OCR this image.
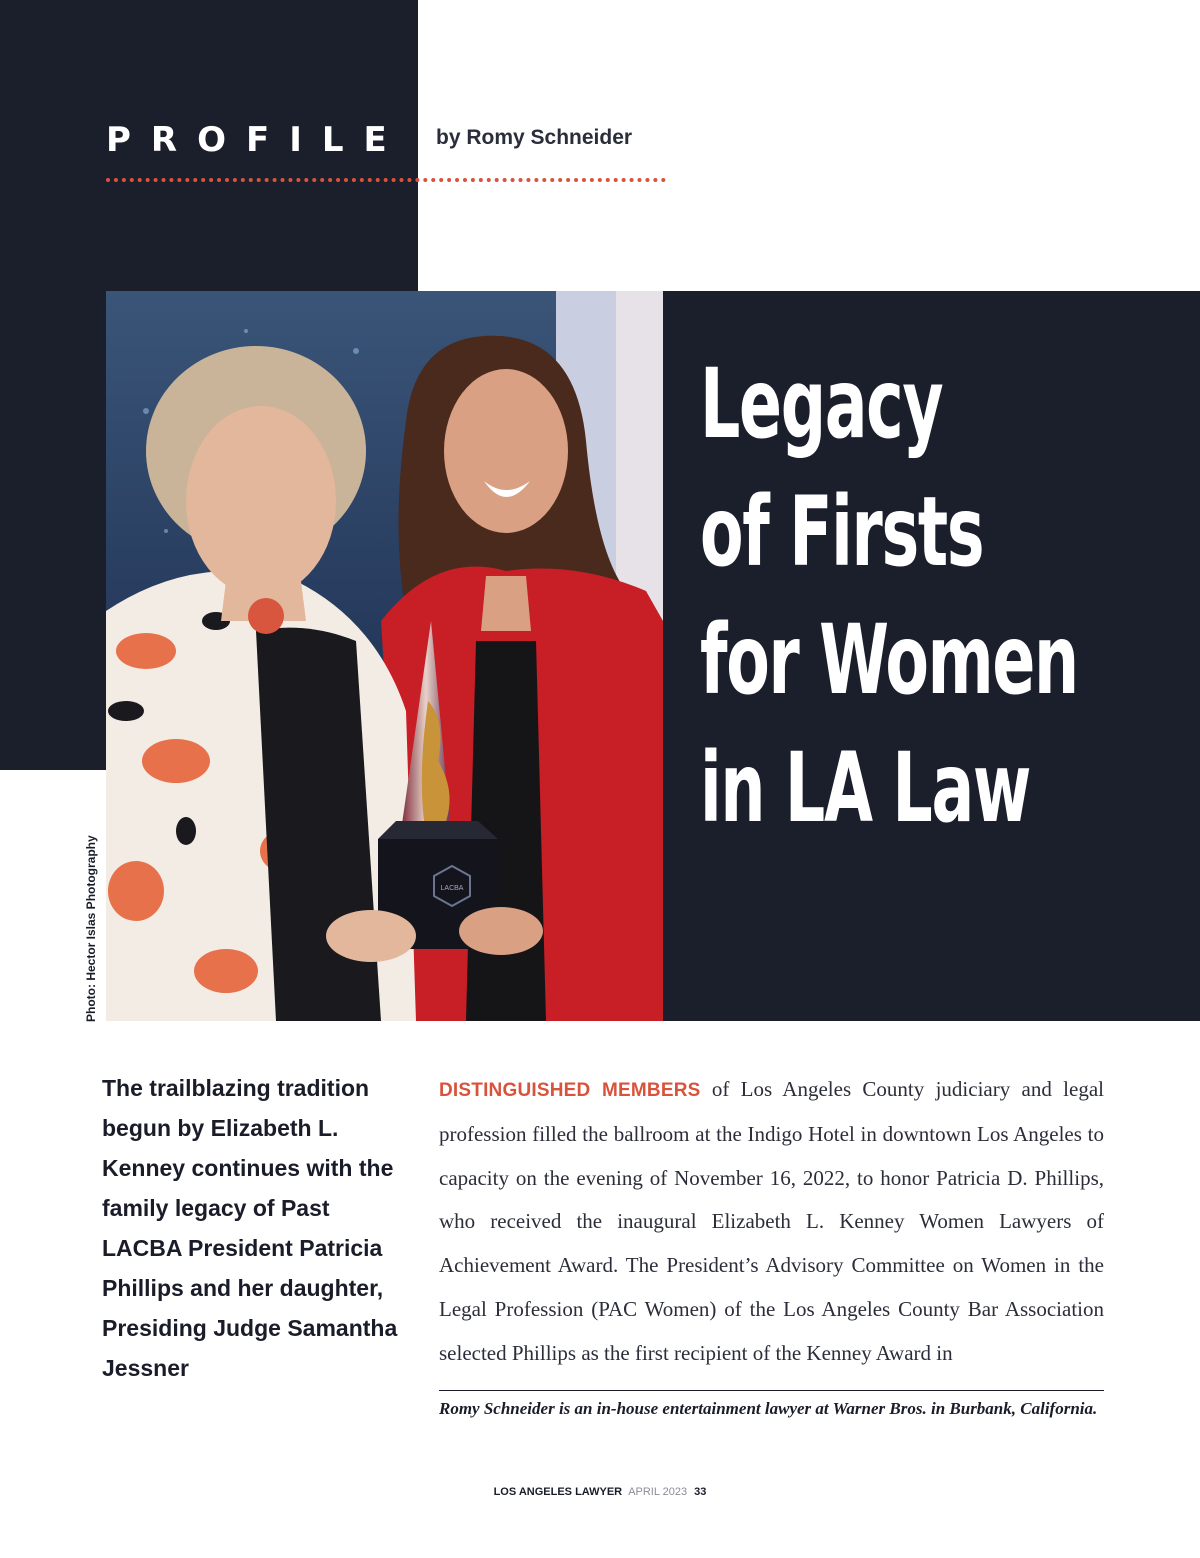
PROFILE by Romy Schneider

LACBA

Photo: Hector Islas Photography

Legacy
of Firsts
for Women
in LA Law

The trailblazing tradition begun by Elizabeth L. Kenney continues with the family legacy of Past LACBA President Patricia Phillips and her daughter, Presiding Judge Samantha Jessner

DISTINGUISHED MEMBERS of Los Angeles County judiciary and legal profession filled the ballroom at the Indigo Hotel in downtown Los Angeles to capacity on the evening of November 16, 2022, to honor Patricia D. Phillips, who received the inaugural Elizabeth L. Kenney Women Lawyers of Achievement Award. The President’s Advisory Committee on Women in the Legal Profession (PAC Women) of the Los Angeles County Bar Association selected Phillips as the first recipient of the Kenney Award in

Romy Schneider is an in-house entertainment lawyer at Warner Bros. in Burbank, California.

LOS ANGELES LAWYER APRIL 2023 33
